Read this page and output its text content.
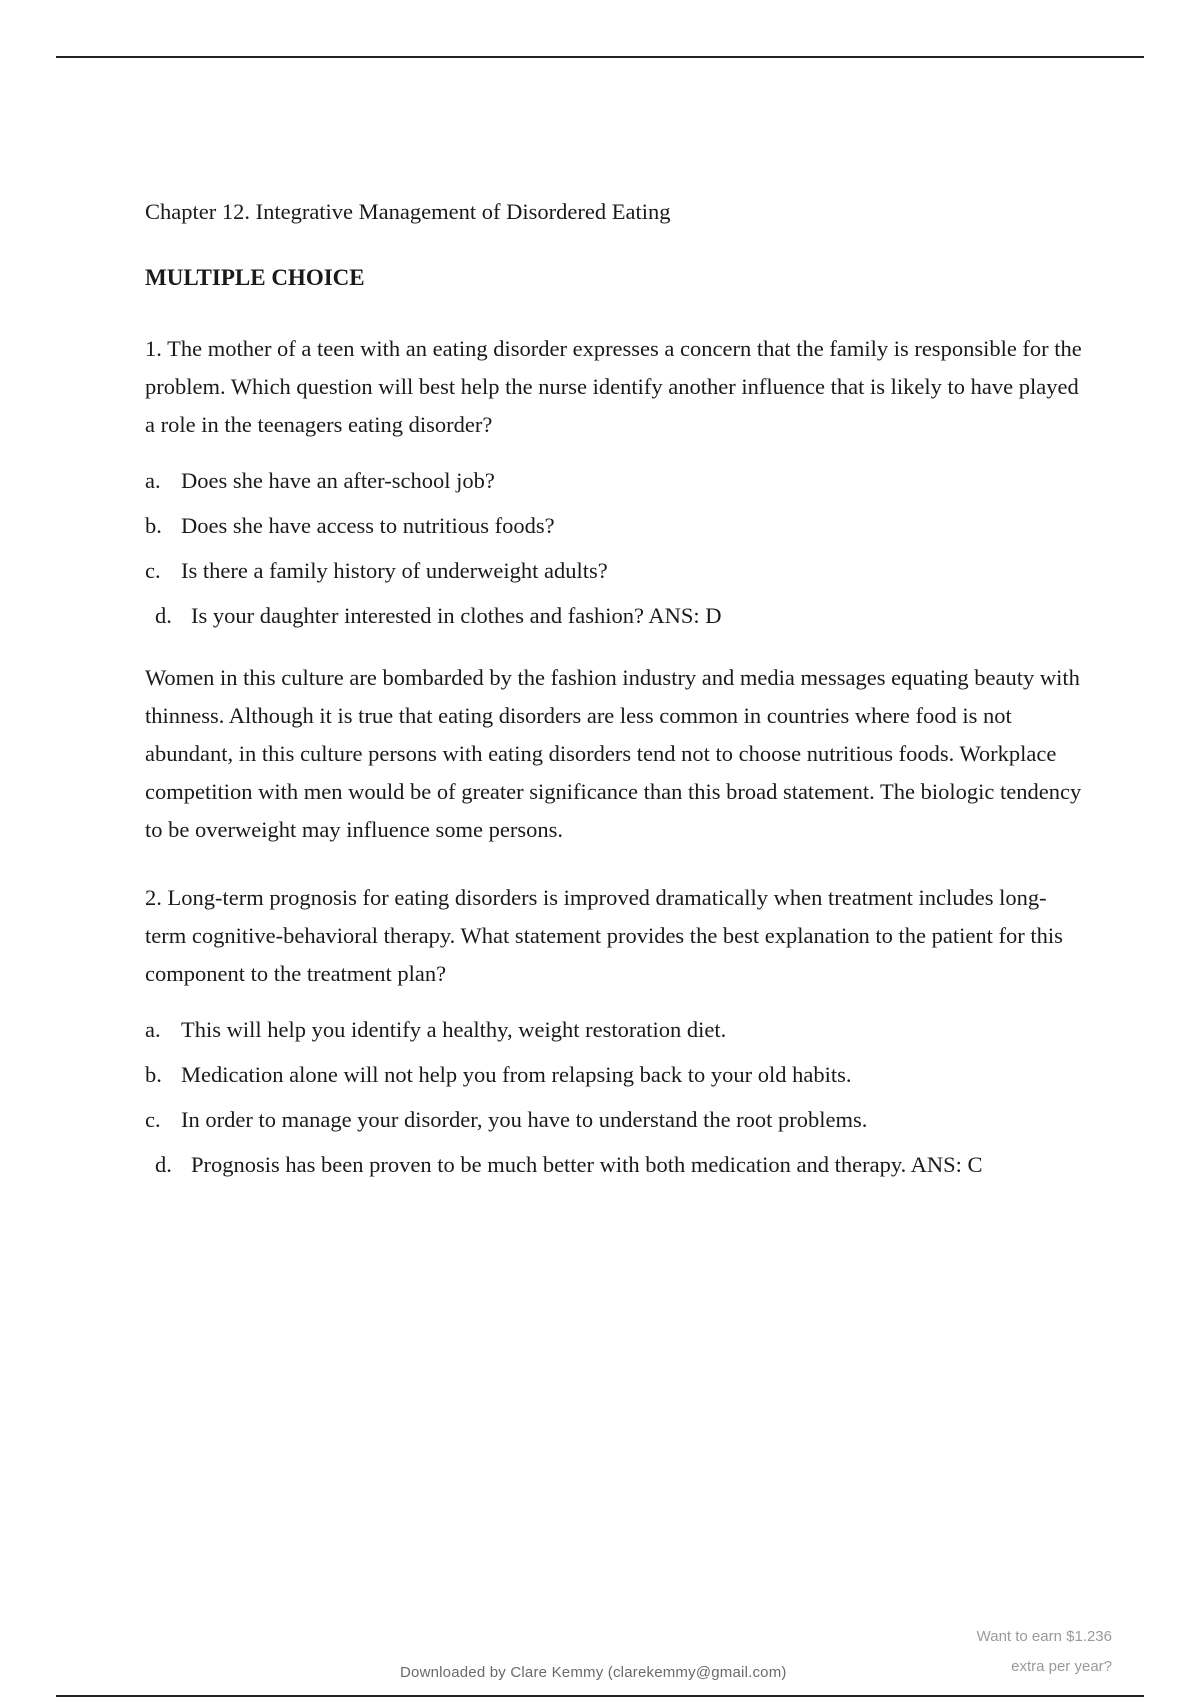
Chapter 12. Integrative Management of Disordered Eating

MULTIPLE CHOICE

1. The mother of a teen with an eating disorder expresses a concern that the family is responsible for the problem. Which question will best help the nurse identify another influence that is likely to have played a role in the teenagers eating disorder?

a. Does she have an after-school job?
b. Does she have access to nutritious foods?
c. Is there a family history of underweight adults?
d. Is your daughter interested in clothes and fashion? ANS: D

Women in this culture are bombarded by the fashion industry and media messages equating beauty with thinness. Although it is true that eating disorders are less common in countries where food is not abundant, in this culture persons with eating disorders tend not to choose nutritious foods. Workplace competition with men would be of greater significance than this broad statement. The biologic tendency to be overweight may influence some persons.

2. Long-term prognosis for eating disorders is improved dramatically when treatment includes long-term cognitive-behavioral therapy. What statement provides the best explanation to the patient for this component to the treatment plan?

a. This will help you identify a healthy, weight restoration diet.
b. Medication alone will not help you from relapsing back to your old habits.
c. In order to manage your disorder, you have to understand the root problems.
d. Prognosis has been proven to be much better with both medication and therapy. ANS: C
Want to earn $1.236
extra per year?
Downloaded by Clare Kemmy (clarekemmy@gmail.com)
